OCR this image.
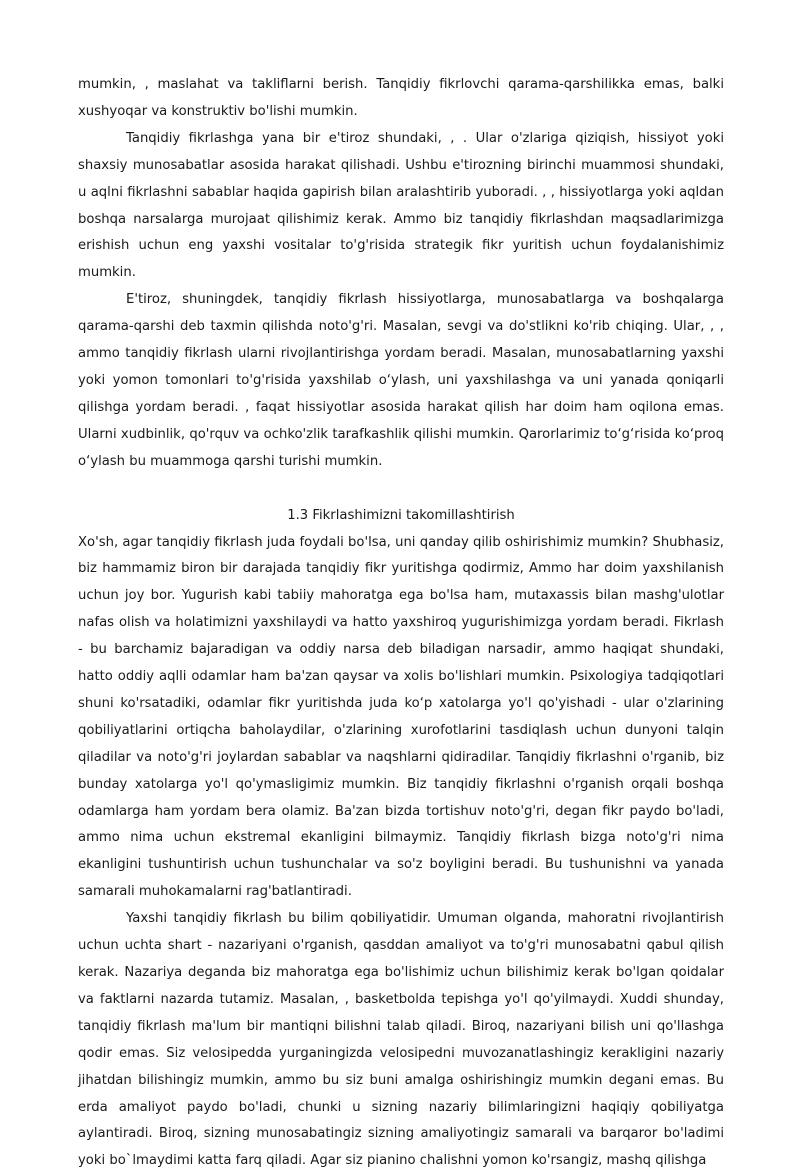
mumkin, , maslahat va takliflarni berish. Tanqidiy fikrlovchi qarama-qarshilikka emas, balki xushyoqar va konstruktiv bo'lishi mumkin.

Tanqidiy fikrlashga yana bir e'tiroz shundaki, , . Ular o'zlariga qiziqish, hissiyot yoki shaxsiy munosabatlar asosida harakat qilishadi. Ushbu e'tirozning birinchi muammosi shundaki, u aqlni fikrlashni sabablar haqida gapirish bilan aralashtirib yuboradi. , , hissiyotlarga yoki aqldan boshqa narsalarga murojaat qilishimiz kerak. Ammo biz tanqidiy fikrlashdan maqsadlarimizga erishish uchun eng yaxshi vositalar to'g'risida strategik fikr yuritish uchun foydalanishimiz mumkin.

E'tiroz, shuningdek, tanqidiy fikrlash hissiyotlarga, munosabatlarga va boshqalarga qarama-qarshi deb taxmin qilishda noto'g'ri. Masalan, sevgi va do'stlikni ko'rib chiqing. Ular, , , ammo tanqidiy fikrlash ularni rivojlantirishga yordam beradi. Masalan, munosabatlarning yaxshi yoki yomon tomonlari to'g'risida yaxshilab o‘ylash, uni yaxshilashga va uni yanada qoniqarli qilishga yordam beradi. , faqat hissiyotlar asosida harakat qilish har doim ham oqilona emas. Ularni xudbinlik, qo'rquv va ochko'zlik tarafkashlik qilishi mumkin. Qarorlarimiz to‘g‘risida ko‘proq o‘ylash bu muammoga qarshi turishi mumkin.

1.3 Fikrlashimizni takomillashtirish

Xo'sh, agar tanqidiy fikrlash juda foydali bo'lsa, uni qanday qilib oshirishimiz mumkin? Shubhasiz, biz hammamiz biron bir darajada tanqidiy fikr yuritishga qodirmiz, Ammo har doim yaxshilanish uchun joy bor. Yugurish kabi tabiiy mahoratga ega bo'lsa ham, mutaxassis bilan mashg'ulotlar nafas olish va holatimizni yaxshilaydi va hatto yaxshiroq yugurishimizga yordam beradi. Fikrlash - bu barchamiz bajaradigan va oddiy narsa deb biladigan narsadir, ammo haqiqat shundaki, hatto oddiy aqlli odamlar ham ba'zan qaysar va xolis bo'lishlari mumkin. Psixologiya tadqiqotlari shuni ko'rsatadiki, odamlar fikr yuritishda juda ko‘p xatolarga yo'l qo'yishadi - ular o'zlarining qobiliyatlarini ortiqcha baholaydilar, o'zlarining xurofotlarini tasdiqlash uchun dunyoni talqin qiladilar va noto'g'ri joylardan sabablar va naqshlarni qidiradilar. Tanqidiy fikrlashni o'rganib, biz bunday xatolarga yo'l qo'ymasligimiz mumkin. Biz tanqidiy fikrlashni o'rganish orqali boshqa odamlarga ham yordam bera olamiz. Ba'zan bizda tortishuv noto'g'ri, degan fikr paydo bo'ladi, ammo nima uchun ekstremal ekanligini bilmaymiz. Tanqidiy fikrlash bizga noto'g'ri nima ekanligini tushuntirish uchun tushunchalar va so'z boyligini beradi. Bu tushunishni va yanada samarali muhokamalarni rag'batlantiradi.

Yaxshi tanqidiy fikrlash bu bilim qobiliyatidir. Umuman olganda, mahoratni rivojlantirish uchun uchta shart - nazariyani o'rganish, qasddan amaliyot va to'g'ri munosabatni qabul qilish kerak. Nazariya deganda biz mahoratga ega bo'lishimiz uchun bilishimiz kerak bo'lgan qoidalar va faktlarni nazarda tutamiz. Masalan, , basketbolda tepishga yo'l qo'yilmaydi. Xuddi shunday, tanqidiy fikrlash ma'lum bir mantiqni bilishni talab qiladi. Biroq, nazariyani bilish uni qo'llashga qodir emas. Siz velosipedda yurganingizda velosipedni muvozanatlashingiz kerakligini nazariy jihatdan bilishingiz mumkin, ammo bu siz buni amalga oshirishingiz mumkin degani emas. Bu erda amaliyot paydo bo'ladi, chunki u sizning nazariy bilimlaringizni haqiqiy qobiliyatga aylantiradi. Biroq, sizning munosabatingiz sizning amaliyotingiz samarali va barqaror bo'ladimi yoki bo`lmaydimi katta farq qiladi. Agar siz pianino chalishni yomon ko'rsangiz, mashq qilishga
